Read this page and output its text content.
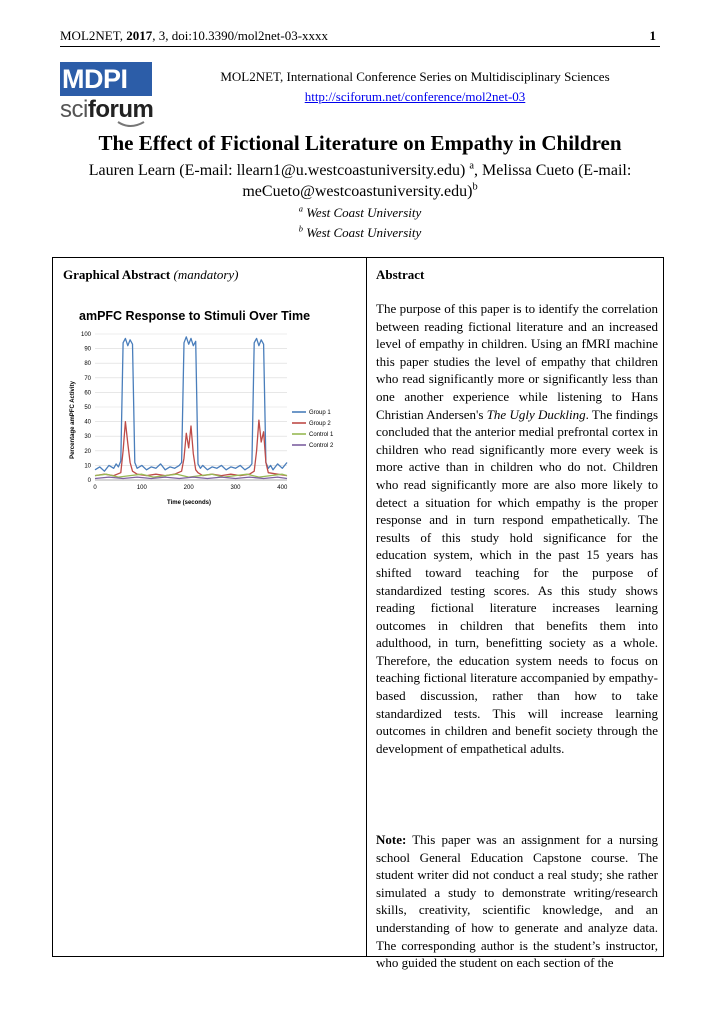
MOL2NET, 2017, 3, doi:10.3390/mol2net-03-xxxx	1
MDPI
sciforum
MOL2NET, International Conference Series on Multidisciplinary Sciences
http://sciforum.net/conference/mol2net-03
The Effect of Fictional Literature on Empathy in Children
Lauren Learn (E-mail: llearn1@u.westcoastuniversity.edu) $^a$, Melissa Cueto (E-mail:
meCueto@westcoastuniversity.edu)$^b$
$^a$ West Coast University
$^b$ West Coast University
Graphical Abstract (mandatory)
amPFC Response to Stimuli Over Time
Percentage amPFC Activity
Time (seconds)
0
10
20
30
40
50
60
70
80
90
100
0	100	200	300	400
Group 1
Group 2
Control 1
Control 2
Abstract
The purpose of this paper is to identify the correlation between reading fictional literature and an increased level of empathy in children. Using an fMRI machine this paper studies the level of empathy that children who read significantly more or significantly less than one another experience while listening to Hans Christian Andersen's The Ugly Duckling. The findings concluded that the anterior medial prefrontal cortex in children who read significantly more every week is more active than in children who do not. Children who read significantly more are also more likely to detect a situation for which empathy is the proper response and in turn respond empathetically. The results of this study hold significance for the education system, which in the past 15 years has shifted toward teaching for the purpose of standardized testing scores. As this study shows reading fictional literature increases learning outcomes in children that benefits them into adulthood, in turn, benefitting society as a whole. Therefore, the education system needs to focus on teaching fictional literature accompanied by empathy-based discussion, rather than how to take standardized tests. This will increase learning outcomes in children and benefit society through the development of empathetical adults.
Note: This paper was an assignment for a nursing school General Education Capstone course. The student writer did not conduct a real study; she rather simulated a study to demonstrate writing/research skills, creativity, scientific knowledge, and an understanding of how to generate and analyze data. The corresponding author is the student’s instructor, who guided the student on each section of the
